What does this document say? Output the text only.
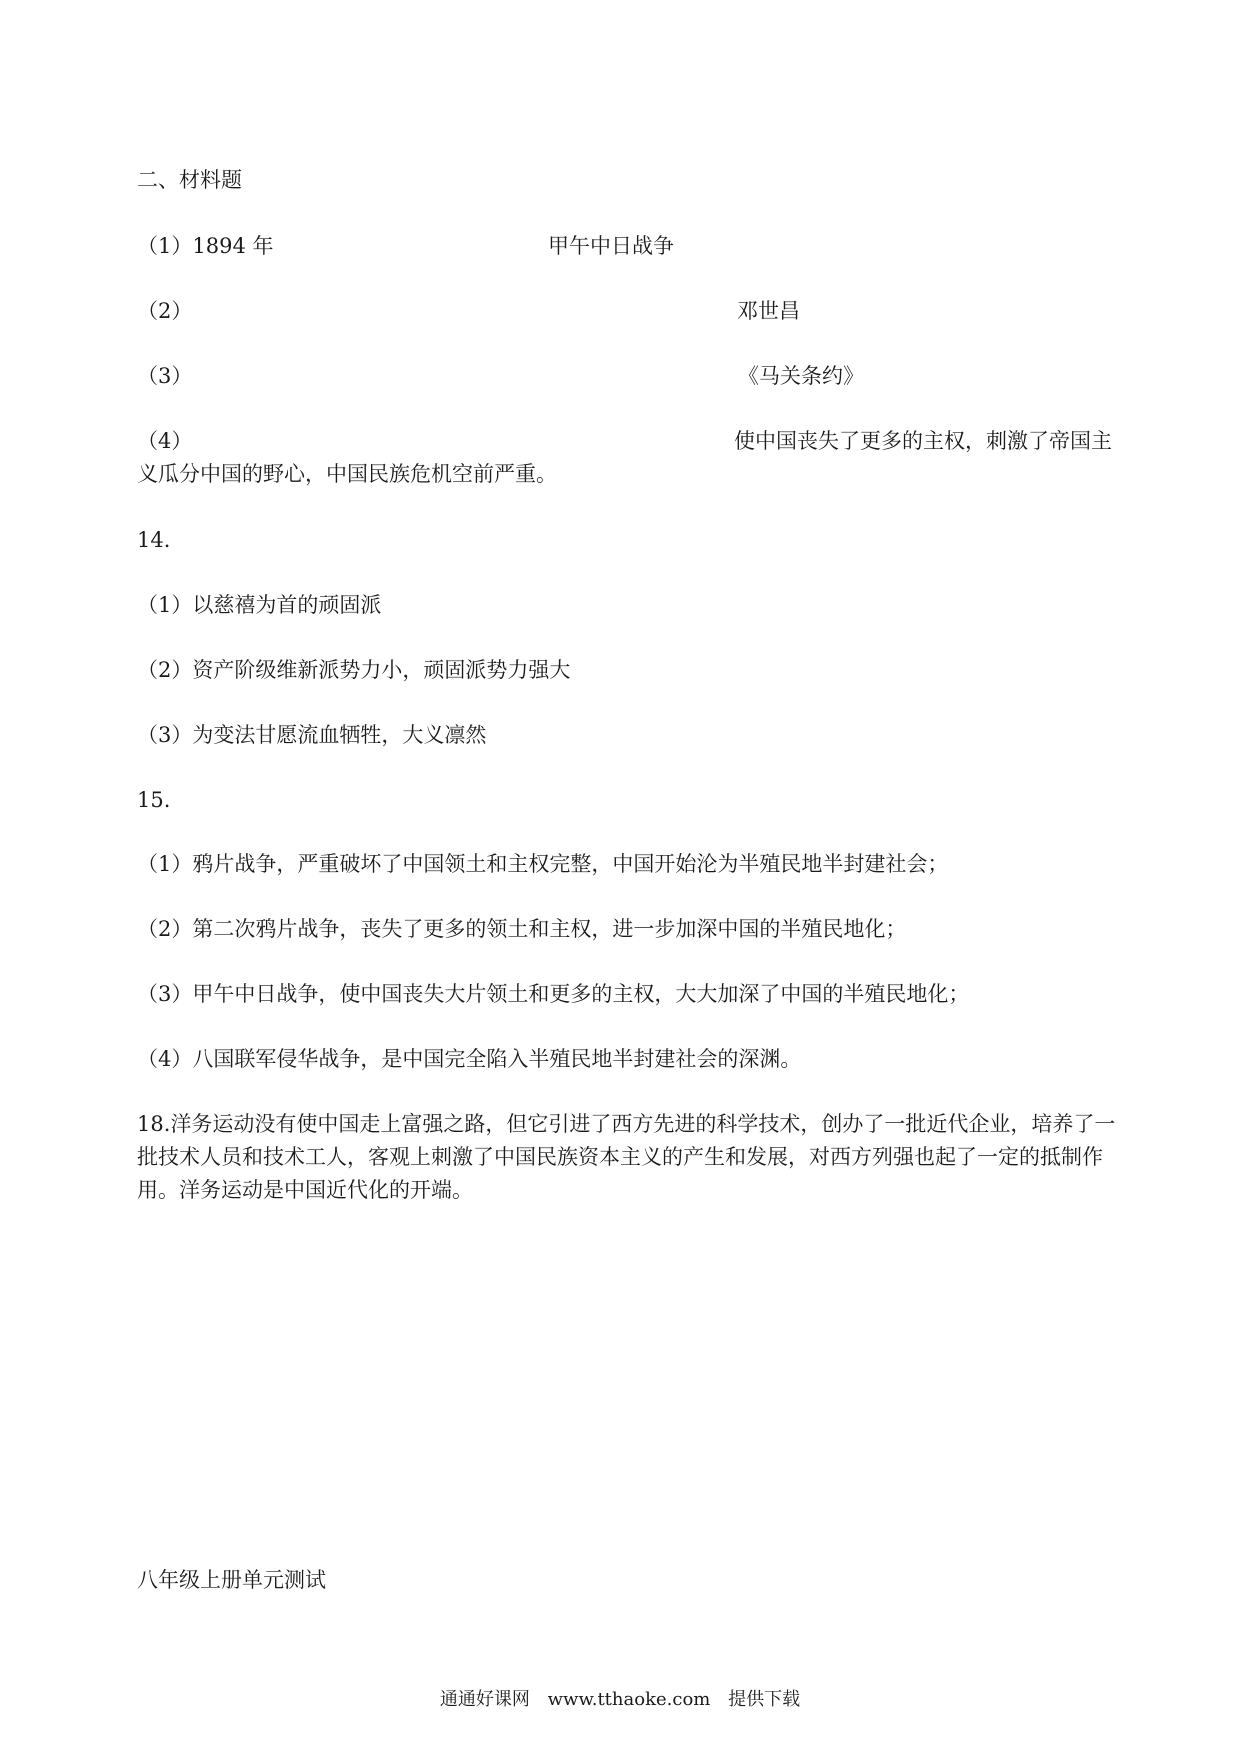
二、材料题
（1）1894 年	甲午中日战争
（2）	邓世昌
（3）	《马关条约》
（4）	使中国丧失了更多的主权，刺激了帝国主
义瓜分中国的野心，中国民族危机空前严重。
14.
（1）以慈禧为首的顽固派
（2）资产阶级维新派势力小，顽固派势力强大
（3）为变法甘愿流血牺牲，大义凛然
15.
（1）鸦片战争，严重破坏了中国领土和主权完整，中国开始沦为半殖民地半封建社会；
（2）第二次鸦片战争，丧失了更多的领土和主权，进一步加深中国的半殖民地化；
（3）甲午中日战争，使中国丧失大片领土和更多的主权，大大加深了中国的半殖民地化；
（4）八国联军侵华战争，是中国完全陷入半殖民地半封建社会的深渊。
18.洋务运动没有使中国走上富强之路，但它引进了西方先进的科学技术，创办了一批近代企业，培养了一批技术人员和技术工人，客观上刺激了中国民族资本主义的产生和发展，对西方列强也起了一定的抵制作用。洋务运动是中国近代化的开端。
八年级上册单元测试
通通好课网 www.tthaoke.com 提供下载
